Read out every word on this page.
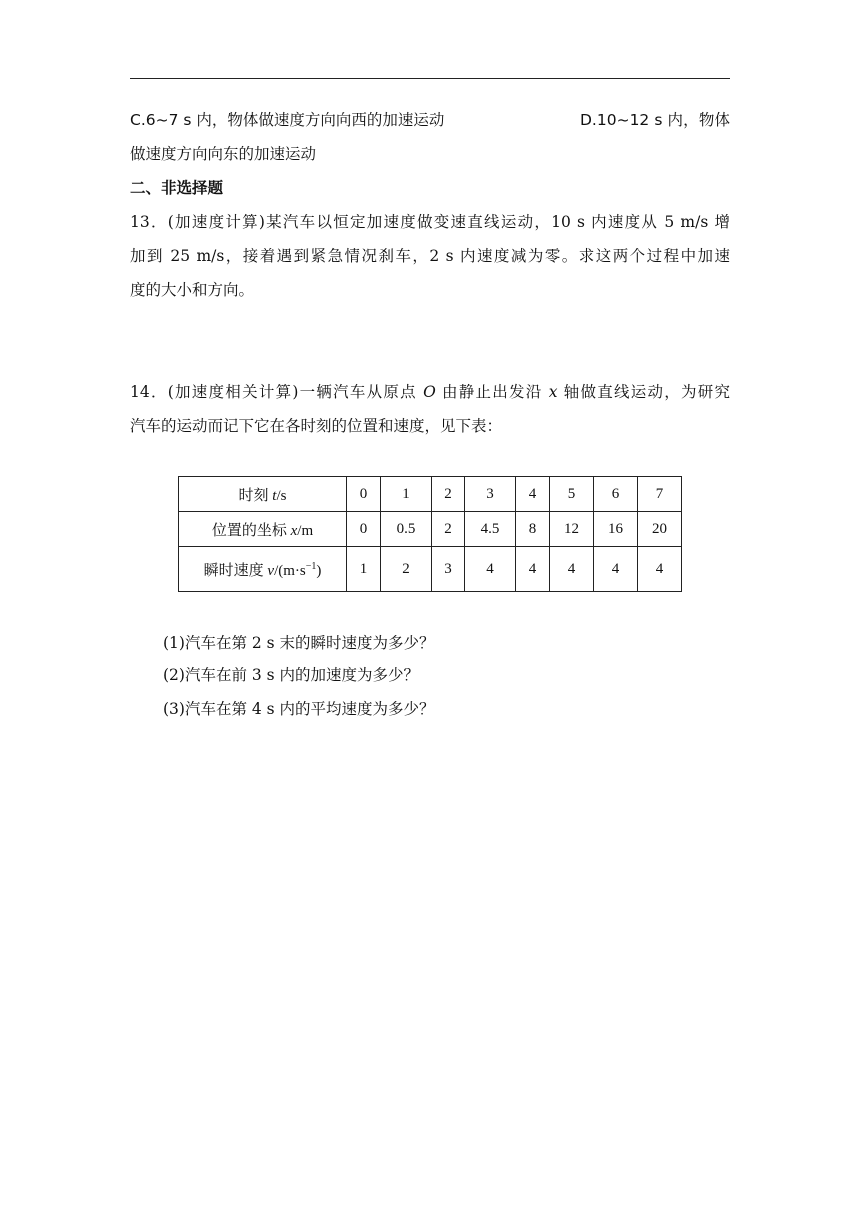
C.6~7 s 内，物体做速度方向向西的加速运动	D.10~12 s 内，物体
做速度方向向东的加速运动
二、非选择题
13．(加速度计算)某汽车以恒定加速度做变速直线运动，10 s 内速度从 5 m/s 增
加到 25 m/s，接着遇到紧急情况刹车，2 s 内速度减为零。求这两个过程中加速
度的大小和方向。
14．(加速度相关计算)一辆汽车从原点 O 由静止出发沿 x 轴做直线运动，为研究
汽车的运动而记下它在各时刻的位置和速度，见下表：
时刻 t/s	0	1	2	3	4	5	6	7
位置的坐标 x/m	0	0.5	2	4.5	8	12	16	20
瞬时速度 $v/(m\cdot s^{-1})$	1	2	3	4	4	4	4	4
(1)汽车在第 2 s 末的瞬时速度为多少？
(2)汽车在前 3 s 内的加速度为多少？
(3)汽车在第 4 s 内的平均速度为多少？
